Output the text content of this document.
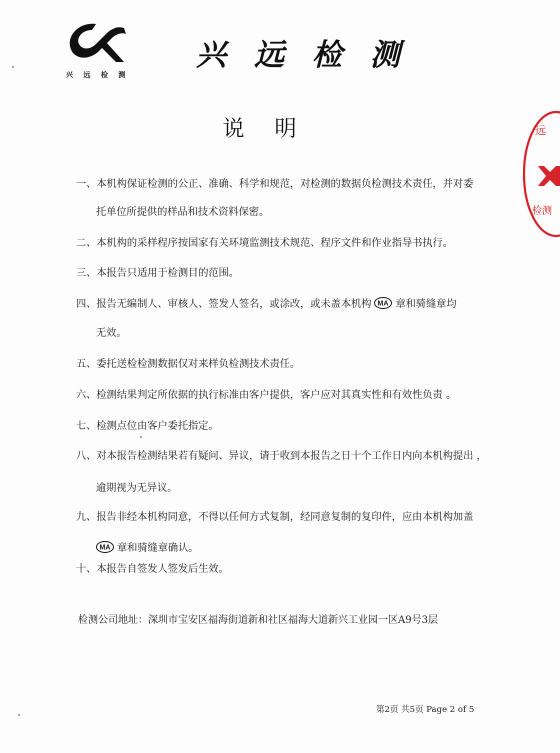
兴 远 检 测
兴远检测
说明
一、本机构保证检测的公正、准确、科学和规范，对检测的数据负检测技术责任，并对委
托单位所提供的样品和技术资料保密。
二、本机构的采样程序按国家有关环境监测技术规范、程序文件和作业指导书执行。
三、本报告只适用于检测目的范围。
四、报告无编制人、审核人、签发人签名，或涂改，或未盖本机构 MA 章和骑缝章均
无效。
五、委托送检检测数据仅对来样负检测技术责任。
六、检测结果判定所依据的执行标准由客户提供，客户应对其真实性和有效性负责 。
七、检测点位由客户委托指定。
八、对本报告检测结果若有疑问、异议，请于收到本报告之日十个工作日内向本机构提出 ，
逾期视为无异议。
九、报告非经本机构同意，不得以任何方式复制，经同意复制的复印件，应由本机构加盖
MA 章和骑缝章确认。
十、本报告自签发人签发后生效。
检测公司地址：深圳市宝安区福海街道新和社区福海大道新兴工业园一区A9号3层
第2页 共5页 Page 2 of 5
远
检测
